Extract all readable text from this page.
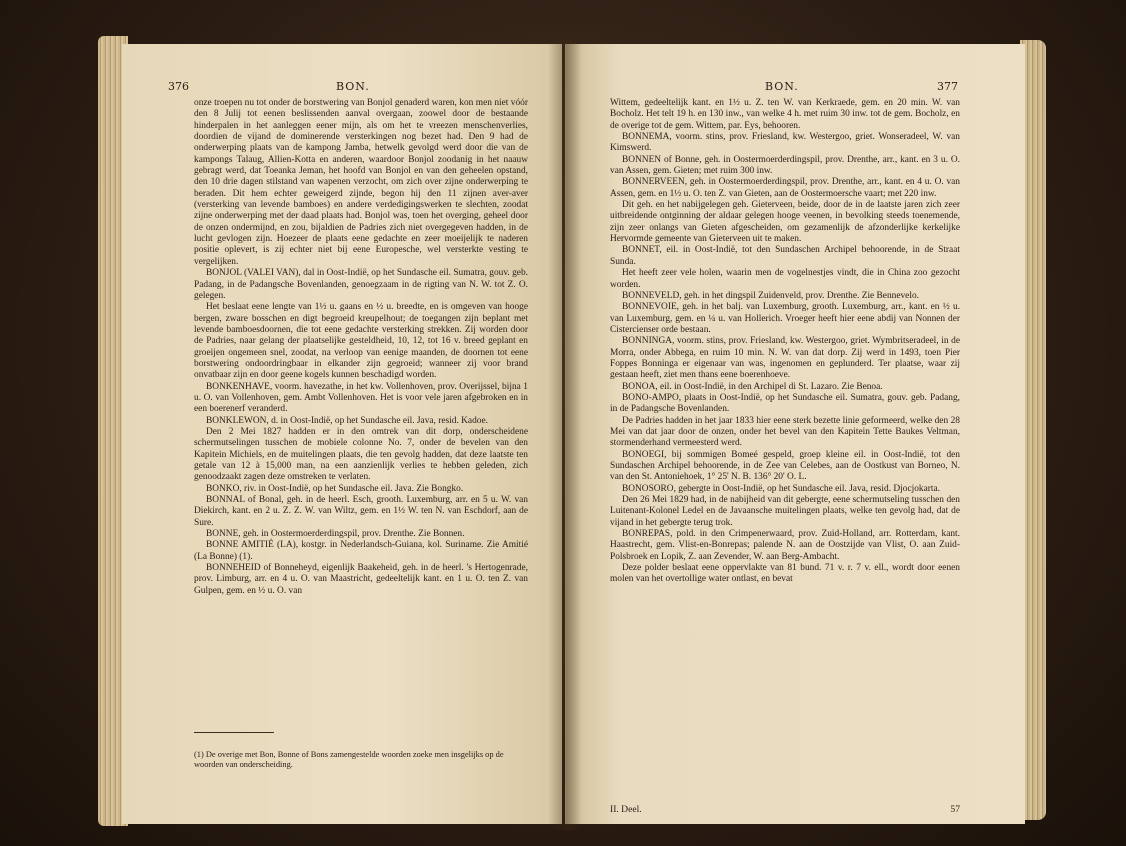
376	BON.

onze troepen nu tot onder de borstwering van Bonjol genaderd waren, kon men niet vóór den 8 Julij tot eenen beslissenden aanval overgaan, zoowel door de bestaande hinderpalen in het aanleggen eener mijn, als om het te vreezen menschenverlies, doordien de vijand de dominerende versterkingen nog bezet had. Den 9 had de onderwerping plaats van de kampong Jamba, hetwelk gevolgd werd door die van de kampongs Talaug, Allien-Kotta en anderen, waardoor Bonjol zoodanig in het naauw gebragt werd, dat Toeanka Jeman, het hoofd van Bonjol en van den geheelen opstand, den 10 drie dagen stilstand van wapenen verzocht, om zich over zijne onderwerping te beraden. Dit hem echter geweigerd zijnde, begon hij den 11 zijnen aver-aver (versterking van levende bamboes) en andere verdedigingswerken te slechten, zoodat zijne onderwerping met der daad plaats had. Bonjol was, toen het overging, geheel door de onzen ondermijnd, en zou, bijaldien de Padries zich niet overgegeven hadden, in de lucht gevlogen zijn. Hoezeer de plaats eene gedachte en zeer moeijelijk te naderen positie oplevert, is zij echter niet bij eene Europesche, wel versterkte vesting te vergelijken.

BONJOL (VALEI VAN), dal in Oost-Indië, op het Sundasche eil. Sumatra, gouv. geb. Padang, in de Padangsche Bovenlanden, genoegzaam in de rigting van N. W. tot Z. O. gelegen.

Het beslaat eene lengte van 1½ u. gaans en ½ u. breedte, en is omgeven van hooge bergen, zware bosschen en digt begroeid kreupelhout; de toegangen zijn beplant met levende bamboesdoornen, die tot eene gedachte versterking strekken. Zij worden door de Padries, naar gelang der plaatselijke gesteldheid, 10, 12, tot 16 v. breed geplant en groeijen ongemeen snel, zoodat, na verloop van eenige maanden, de doornen tot eene borstwering ondoordringbaar in elkander zijn gegroeid; wanneer zij voor brand onvatbaar zijn en door geene kogels kunnen beschadigd worden.

BONKENHAVE, voorm. havezathe, in het kw. Vollenhoven, prov. Overijssel, bijna 1 u. O. van Vollenhoven, gem. Ambt Vollenhoven. Het is voor vele jaren afgebroken en in een boerenerf veranderd.

BONKLEWON, d. in Oost-Indië, op het Sundasche eil. Java, resid. Kadoe.

Den 2 Mei 1827 hadden er in den omtrek van dit dorp, onderscheidene schermutselingen tusschen de mobiele colonne No. 7, onder de bevelen van den Kapitein Michiels, en de muitelingen plaats, die ten gevolg hadden, dat deze laatste ten getale van 12 à 15,000 man, na een aanzienlijk verlies te hebben geleden, zich genoodzaakt zagen deze omstreken te verlaten.

BONKO, riv. in Oost-Indië, op het Sundasche eil. Java. Zie Bongko.

BONNAL of Bonal, geh. in de heerl. Esch, grooth. Luxemburg, arr. en 5 u. W. van Diekirch, kant. en 2 u. Z. Z. W. van Wiltz, gem. en 1½ W. ten N. van Eschdorf, aan de Sure.

BONNE, geh. in Oostermoerderdingspil, prov. Drenthe. Zie Bonnen.

BONNE AMITIÉ (LA), kostgr. in Nederlandsch-Guiana, kol. Suriname. Zie Amitié (La Bonne) (1).

BONNEHEID of Bonneheyd, eigenlijk Baakeheid, geh. in de heerl. 's Hertogenrade, prov. Limburg, arr. en 4 u. O. van Maastricht, gedeeltelijk kant. en 1 u. O. ten Z. van Gulpen, gem. en ½ u. O. van

(1) De overige met Bon, Bonne of Bons zamengestelde woorden zoeke men insgelijks op de woorden van onderscheiding.
BON.	377

Wittem, gedeeltelijk kant. en 1½ u. Z. ten W. van Kerkraede, gem. en 20 min. W. van Bocholz. Het telt 19 h. en 130 inw., van welke 4 h. met ruim 30 inw. tot de gem. Bocholz, en de overige tot de gem. Wittem, par. Eys, behooren.

BONNEMA, voorm. stins, prov. Friesland, kw. Westergoo, griet. Wonseradeel, W. van Kimswerd.

BONNEN of Bonne, geh. in Oostermoerderdingspil, prov. Drenthe, arr., kant. en 3 u. O. van Assen, gem. Gieten; met ruim 300 inw.

BONNERVEEN, geh. in Oostermoerderdingspil, prov. Drenthe, arr., kant. en 4 u. O. van Assen, gem. en 1½ u. O. ten Z. van Gieten, aan de Oostermoersche vaart; met 220 inw.

Dit geh. en het nabijgelegen geh. Gieterveen, beide, door de in de laatste jaren zich zeer uitbreidende ontginning der aldaar gelegen hooge veenen, in bevolking steeds toenemende, zijn zeer onlangs van Gieten afgescheiden, om gezamenlijk de afzonderlijke kerkelijke Hervormde gemeente van Gieterveen uit te maken.

BONNET, eil. in Oost-Indië, tot den Sundaschen Archipel behoorende, in de Straat Sunda.

Het heeft zeer vele holen, waarin men de vogelnestjes vindt, die in China zoo gezocht worden.

BONNEVELD, geh. in het dingspil Zuidenveld, prov. Drenthe. Zie Bennevelo.

BONNEVOIE, geh. in het balj. van Luxemburg, grooth. Luxemburg, arr., kant. en ½ u. van Luxemburg, gem. en ¼ u. van Hollerich. Vroeger heeft hier eene abdij van Nonnen der Cistercienser orde bestaan.

BONNINGA, voorm. stins, prov. Friesland, kw. Westergoo, griet. Wymbritseradeel, in de Morra, onder Abbega, en ruim 10 min. N. W. van dat dorp. Zij werd in 1493, toen Pier Foppes Bonninga er eigenaar van was, ingenomen en geplunderd. Ter plaatse, waar zij gestaan heeft, ziet men thans eene boerenhoeve.

BONOA, eil. in Oost-Indië, in den Archipel di St. Lazaro. Zie Benoa.

BONO-AMPO, plaats in Oost-Indië, op het Sundasche eil. Sumatra, gouv. geb. Padang, in de Padangsche Bovenlanden.

De Padries hadden in het jaar 1833 hier eene sterk bezette linie geformeerd, welke den 28 Mei van dat jaar door de onzen, onder het bevel van den Kapitein Tette Baukes Veltman, stormenderhand vermeesterd werd.

BONOEGI, bij sommigen Bomeé gespeld, groep kleine eil. in Oost-Indië, tot den Sundaschen Archipel behoorende, in de Zee van Celebes, aan de Oostkust van Borneo, N. van den St. Antoniehoek, 1° 25' N. B. 136° 20' O. L.

BONOSORO, gebergte in Oost-Indië, op het Sundasche eil. Java, resid. Djocjokarta.

Den 26 Mei 1829 had, in de nabijheid van dit gebergte, eene schermutseling tusschen den Luitenant-Kolonel Ledel en de Javaansche muitelingen plaats, welke ten gevolg had, dat de vijand in het gebergte terug trok.

BONREPAS, pold. in den Crimpenerwaard, prov. Zuid-Holland, arr. Rotterdam, kant. Haastrecht, gem. Vlist-en-Bonrepas; palende N. aan de Oostzijde van Vlist, O. aan Zuid-Polsbroek en Lopik, Z. aan Zevender, W. aan Berg-Ambacht.

Deze polder beslaat eene oppervlakte van 81 bund. 71 v. r. 7 v. ell., wordt door eenen molen van het overtollige water ontlast, en bevat

II. Deel.	57
